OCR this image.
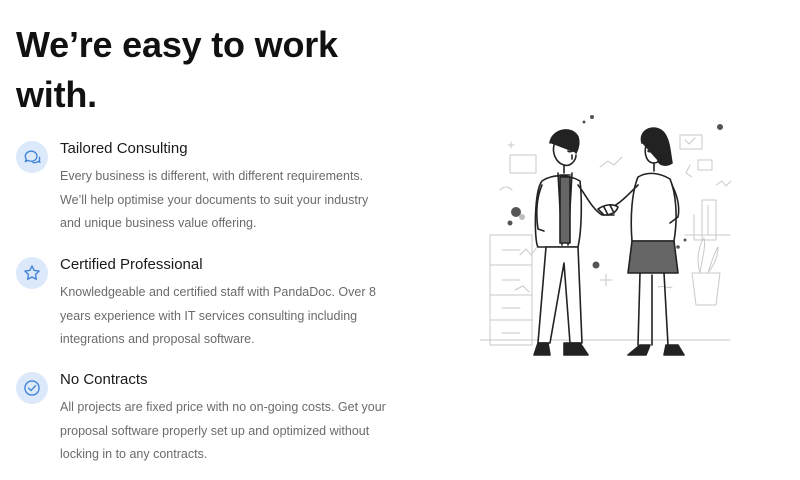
We’re easy to work with.
Tailored Consulting

Every business is different, with different requirements. We’ll help optimise your documents to suit your industry and unique business value offering.

Certified Professional

Knowledgeable and certified staff with PandaDoc. Over 8 years experience with IT services consulting including integrations and proposal software.

No Contracts

All projects are fixed price with no on-going costs. Get your proposal software properly set up and optimized without locking in to any contracts.
